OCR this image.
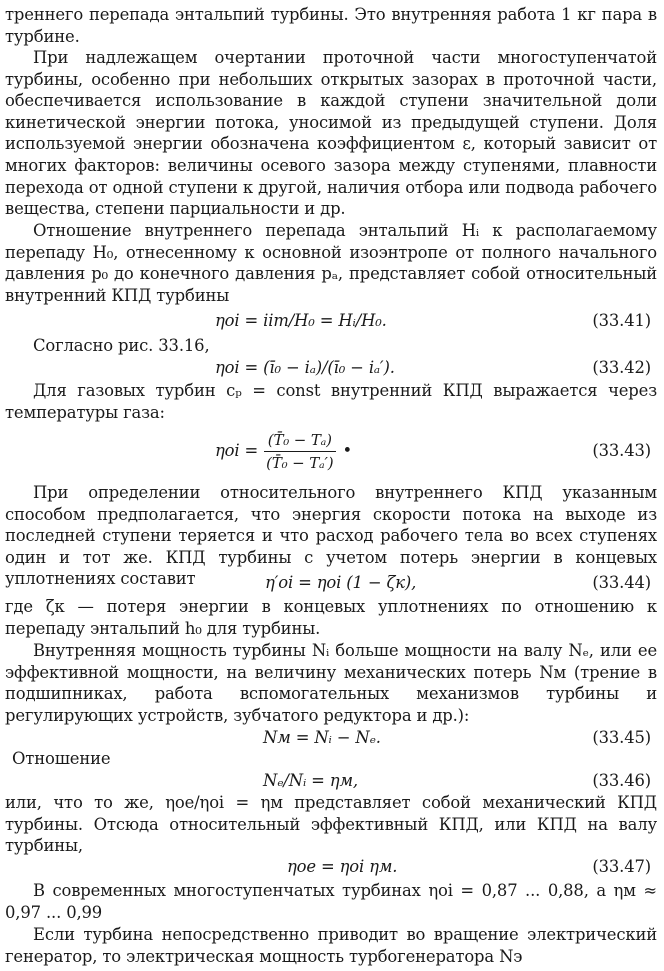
треннего перепада энтальпий турбины. Это внутренняя работа 1 кг пара в турбине.

При надлежащем очертании проточной части многоступенчатой турбины, особенно при небольших открытых зазорах в проточной части, обеспечивается использование в каждой ступени значительной доли кинетической энергии потока, уносимой из предыдущей ступени. Доля используемой энергии обозначена коэффициентом ε, который зависит от многих факторов: величины осевого зазора между ступенями, плавности перехода от одной ступени к другой, наличия отбора или подвода рабочего вещества, степени парциальности и др.

Отношение внутреннего перепада энтальпий Hᵢ к располагаемому перепаду H₀, отнесенному к основной изоэнтропе от полного начального давления p₀ до конечного давления pₐ, представляет собой относительный внутренний КПД турбины

ηоi = iiт/H₀ = Hᵢ/H₀.	(33.41)

Согласно рис. 33.16,

ηоi = (ī₀ − iₐ)/(ī₀ − iₐ′).	(33.42)

Для газовых турбин cₚ = const внутренний КПД выражается через температуры газа:

$\eta оi = \frac{\text{(T̄₀ − Tₐ)}}{\text{(T̄₀ − Tₐ′)}}$ •	(33.43)

При определении относительного внутреннего КПД указанным способом предполагается, что энергия скорости потока на выходе из последней ступени теряется и что расход рабочего тела во всех ступенях один и тот же. КПД турбины с учетом потерь энергии в концевых уплотнениях составит	η′оi = ηоi (1 − ζк),	(33.44)

где ζк — потеря энергии в концевых уплотнениях по отношению к перепаду энтальпий h₀ для турбины.

Внутренняя мощность турбины Nᵢ больше мощности на валу Nₑ, или ее эффективной мощности, на величину механических потерь Nм (трение в подшипниках, работа вспомогательных механизмов турбины и регулирующих устройств, зубчатого редуктора и др.):

Nм = Nᵢ − Nₑ.	(33.45)

Отношение

Nₑ/Nᵢ = ηм,	(33.46)

или, что то же, ηоe/ηоi = ηм представляет собой механический КПД турбины. Отсюда относительный эффективный КПД, или КПД на валу турбины,

ηоe = ηоi ηм.	(33.47)

В современных многоступенчатых турбинах ηоi = 0,87 ... 0,88, а ηм ≈ 0,97 ... 0,99

Если турбина непосредственно приводит во вращение электрический генератор, то электрическая мощность турбогенератора Nэ
